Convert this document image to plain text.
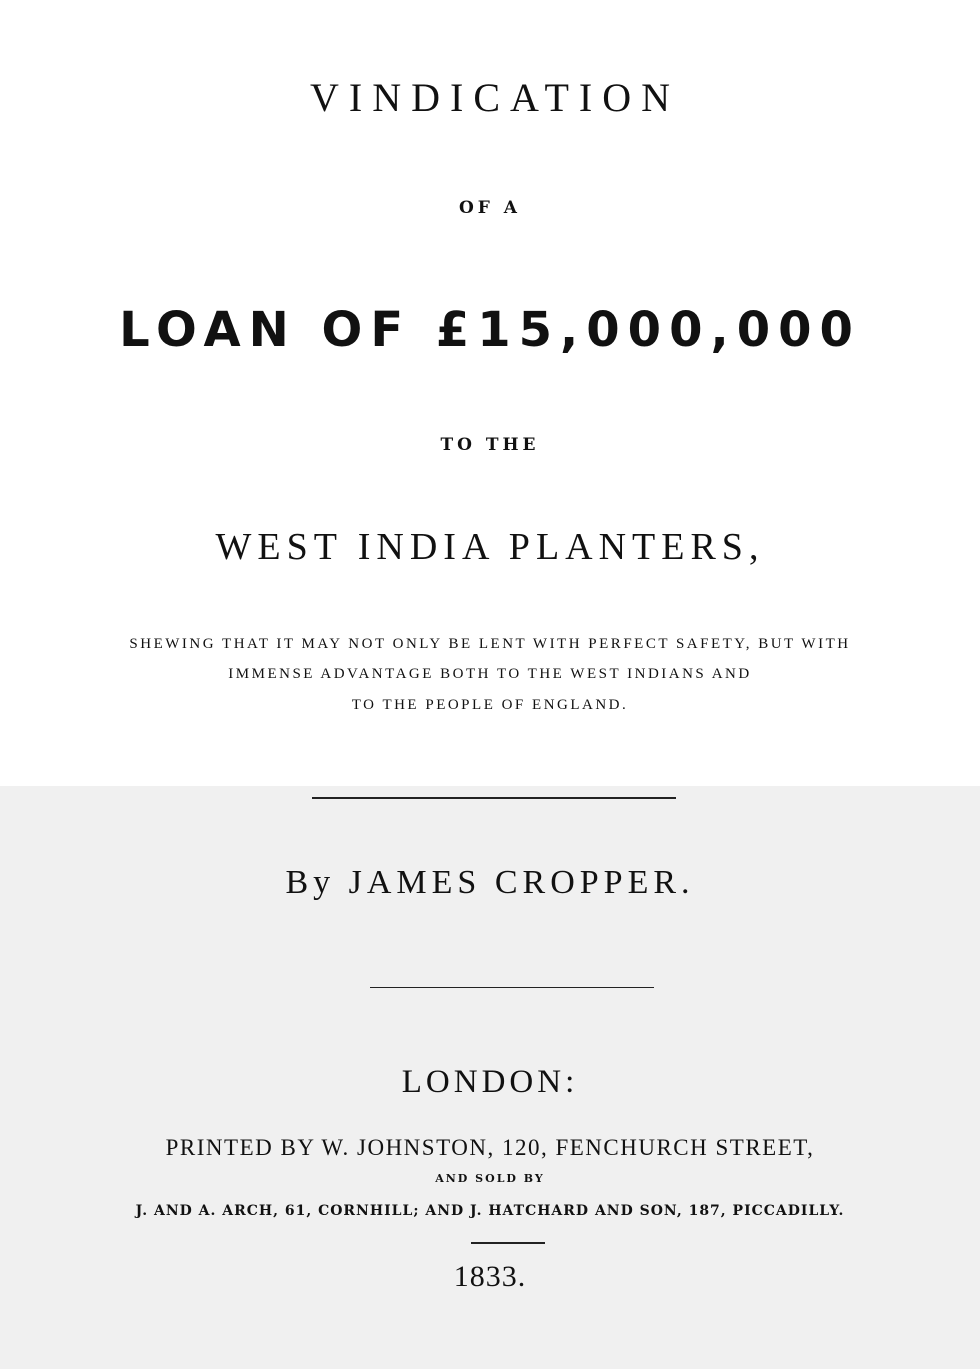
VINDICATION
OF A
LOAN OF £15,000,000
TO THE
WEST INDIA PLANTERS,
SHEWING THAT IT MAY NOT ONLY BE LENT WITH PERFECT SAFETY, BUT WITH
IMMENSE ADVANTAGE BOTH TO THE WEST INDIANS AND
TO THE PEOPLE OF ENGLAND.
By JAMES CROPPER.
LONDON:
PRINTED BY W. JOHNSTON, 120, FENCHURCH STREET,
AND SOLD BY
J. AND A. ARCH, 61, CORNHILL; AND J. HATCHARD AND SON, 187, PICCADILLY.
1833.
